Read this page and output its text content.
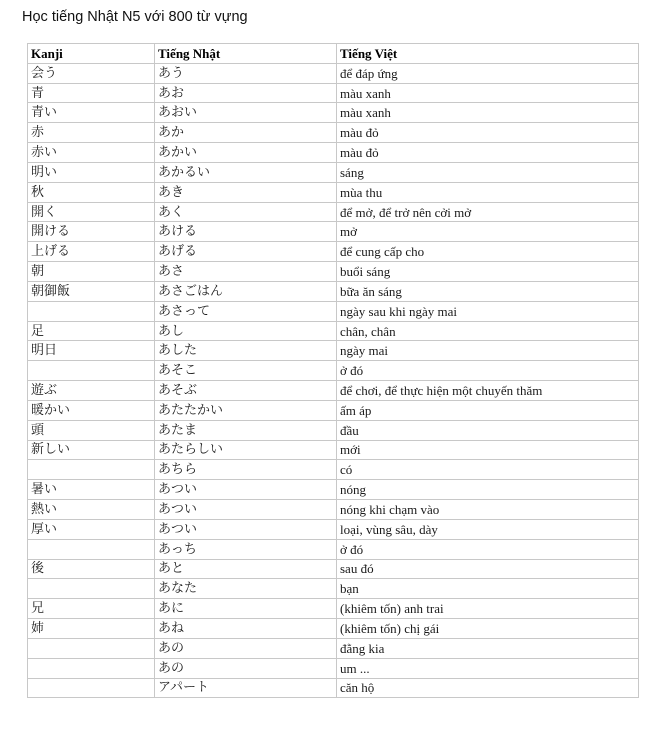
Học tiếng Nhật N5 với 800 từ vựng
Kanji	Tiếng Nhật	Tiếng Việt
会う	あう	để đáp ứng
青	あお	màu xanh
青い	あおい	màu xanh
赤	あか	màu đỏ
赤い	あかい	màu đỏ
明い	あかるい	sáng
秋	あき	mùa thu
開く	あく	để mở, để trở nên cởi mở
開ける	あける	mở
上げる	あげる	để cung cấp cho
朝	あさ	buổi sáng
朝御飯	あさごはん	bữa ăn sáng
	あさって	ngày sau khi ngày mai
足	あし	chân, chân
明日	あした	ngày mai
	あそこ	ở đó
遊ぶ	あそぶ	để chơi, để thực hiện một chuyến thăm
暖かい	あたたかい	ấm áp
頭	あたま	đầu
新しい	あたらしい	mới
	あちら	có
暑い	あつい	nóng
熱い	あつい	nóng khi chạm vào
厚い	あつい	loại, vùng sâu, dày
	あっち	ở đó
後	あと	sau đó
	あなた	bạn
兄	あに	(khiêm tốn) anh trai
姉	あね	(khiêm tốn) chị gái
	あの	đằng kia
	あの	um ...
	アパート	căn hộ
